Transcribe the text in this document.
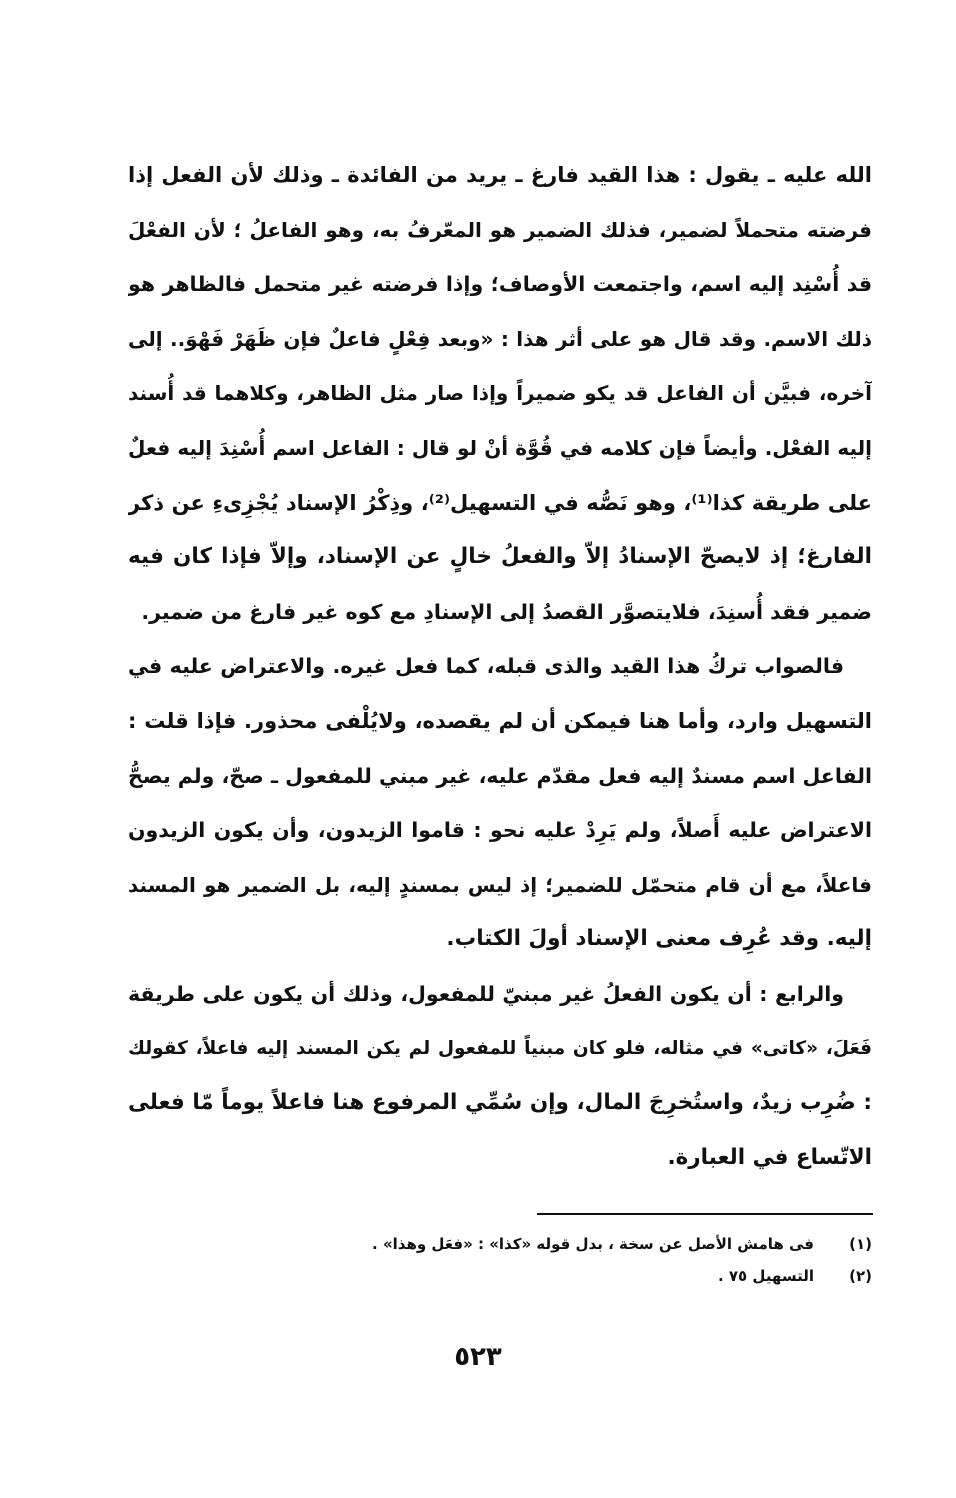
الله عليه ـ يقول : هذا القيد فارغ ـ يريد من الفائدة ـ وذلك لأن الفعل إذا
فرضته متحملاً لضمير، فذلك الضمير هو المعّرفُ به، وهو الفاعلُ ؛ لأن الفعْلَ
قد أُسْنِد إليه اسم، واجتمعت الأوصاف؛ وإذا فرضته غير متحمل فالظاهر هو
ذلك الاسم. وقد قال هو على أثر هذا : «وبعد فِعْلٍ فاعلٌ فإن ظَهَرْ فَهْوَ.. إلى
آخره، فبيَّن أن الفاعل قد يكو ضميراً وإذا صار مثل الظاهر، وكلاهما قد أُسند
إليه الفعْل. وأيضاً فإن كلامه في قُوَّة أنْ لو قال : الفاعل اسم أُسْنِدَ إليه فعلٌ
على طريقة كذا⁽¹⁾، وهو نَصُّه في التسهيل⁽²⁾، وذِكْرُ الإسناد يُجْزِىءِ عن ذكر
الفارغ؛ إذ لايصحّ الإسنادُ إلاّ والفعلُ خالٍ عن الإسناد، وإلاّ فإذا كان فيه
ضمير فقد أُسنِدَ، فلايتصوَّر القصدُ إلى الإسنادِ مع كوه غير فارغ من ضمير.
فالصواب تركُ هذا القيد والذى قبله، كما فعل غيره. والاعتراض عليه في
التسهيل وارد، وأما هنا فيمكن أن لم يقصده، ولايُلْفى محذور. فإذا قلت :
الفاعل اسم مسندٌ إليه فعل مقدّم عليه، غير مبني للمفعول ـ صحّ، ولم يصحُّ
الاعتراض عليه أَصلاً، ولم يَرِدْ عليه نحو : قاموا الزيدون، وأن يكون الزيدون
فاعلاً، مع أن قام متحمّل للضمير؛ إذ ليس بمسندٍ إليه، بل الضمير هو المسند
إليه. وقد عُرِف معنى الإسناد أولَ الكتاب.
والرابع : أن يكون الفعلُ غير مبنيّ للمفعول، وذلك أن يكون على طريقة
فَعَلَ، «كاتى» في مثاله، فلو كان مبنياً للمفعول لم يكن المسند إليه فاعلاً، كقولك
: ضُرِب زيدٌ، واستُخرِجَ المال، وإن سُمِّي المرفوع هنا فاعلاً يوماً مّا فعلى
الاتّساع في العبارة.
(١)فى هامش الأصل عن سخة ، بدل قوله «كذا» : «فعَل وهذا» .
(٢)التسهيل ٧٥ .
٥٢٣
